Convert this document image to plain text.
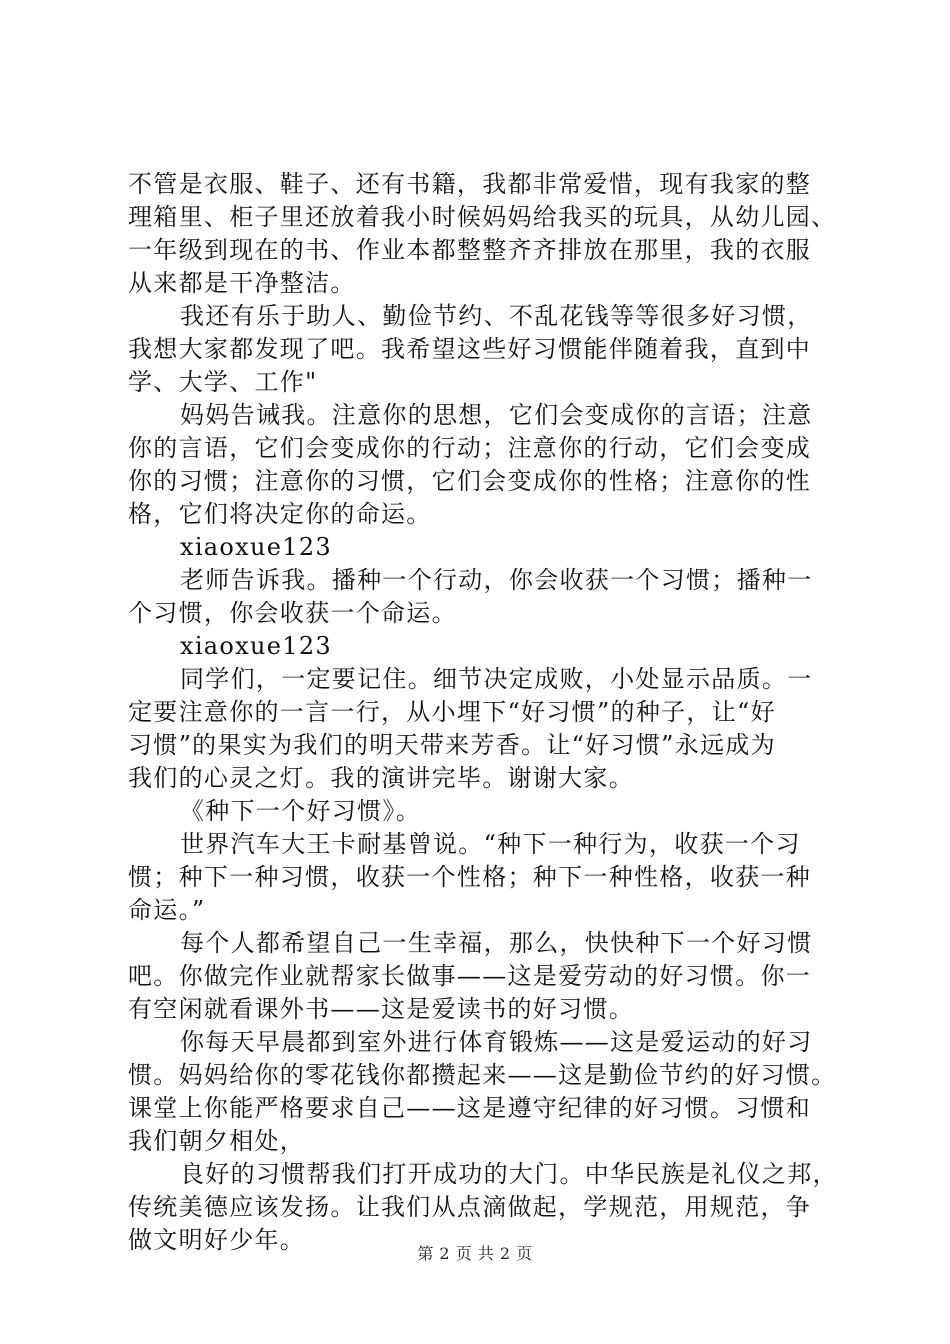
不管是衣服、鞋子、还有书籍，我都非常爱惜，现有我家的整
理箱里、柜子里还放着我小时候妈妈给我买的玩具，从幼儿园、
一年级到现在的书、作业本都整整齐齐排放在那里，我的衣服
从来都是干净整洁。
我还有乐于助人、勤俭节约、不乱花钱等等很多好习惯，
我想大家都发现了吧。我希望这些好习惯能伴随着我，直到中
学、大学、工作"
妈妈告诫我。注意你的思想，它们会变成你的言语；注意
你的言语，它们会变成你的行动；注意你的行动，它们会变成
你的习惯；注意你的习惯，它们会变成你的性格；注意你的性
格，它们将决定你的命运。
xiaoxue123
老师告诉我。播种一个行动，你会收获一个习惯；播种一
个习惯，你会收获一个命运。
xiaoxue123
同学们，一定要记住。细节决定成败，小处显示品质。一
定要注意你的一言一行，从小埋下“好习惯”的种子，让“好
习惯”的果实为我们的明天带来芳香。让“好习惯”永远成为
我们的心灵之灯。我的演讲完毕。谢谢大家。
《种下一个好习惯》。
世界汽车大王卡耐基曾说。“种下一种行为，收获一个习
惯；种下一种习惯，收获一个性格；种下一种性格，收获一种
命运。”
每个人都希望自己一生幸福，那么，快快种下一个好习惯
吧。你做完作业就帮家长做事——这是爱劳动的好习惯。你一
有空闲就看课外书——这是爱读书的好习惯。
你每天早晨都到室外进行体育锻炼——这是爱运动的好习
惯。妈妈给你的零花钱你都攒起来——这是勤俭节约的好习惯。
课堂上你能严格要求自己——这是遵守纪律的好习惯。习惯和
我们朝夕相处，
良好的习惯帮我们打开成功的大门。中华民族是礼仪之邦，
传统美德应该发扬。让我们从点滴做起，学规范，用规范，争
做文明好少年。	第 2 页 共 2 页
